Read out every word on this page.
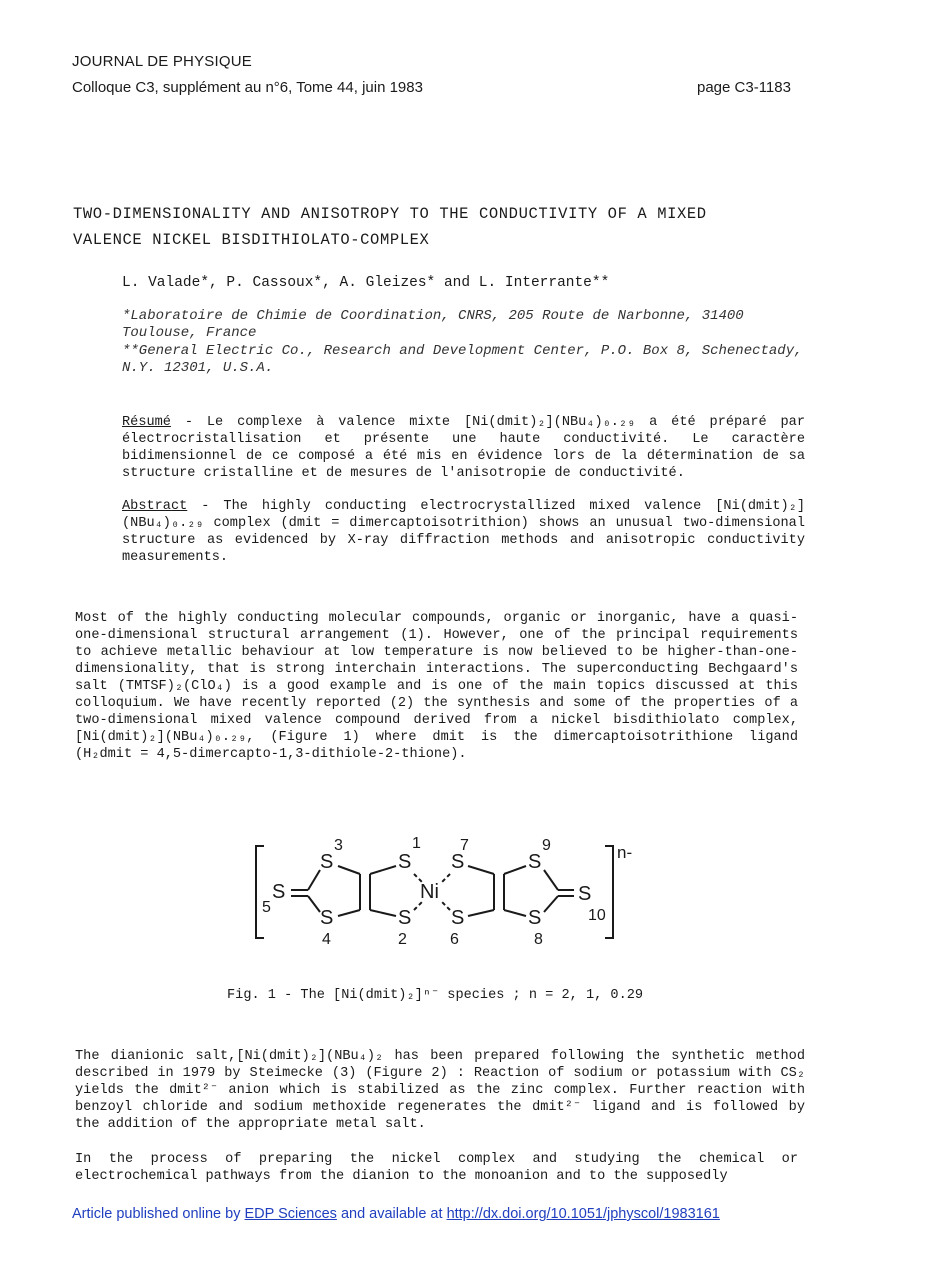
JOURNAL DE PHYSIQUE
Colloque C3, supplément au n°6, Tome 44, juin 1983	page C3-1183
TWO-DIMENSIONALITY AND ANISOTROPY TO THE CONDUCTIVITY OF A MIXED
VALENCE NICKEL BISDITHIOLATO-COMPLEX
L. Valade*, P. Cassoux*, A. Gleizes* and L. Interrante**
*Laboratoire de Chimie de Coordination, CNRS, 205 Route de Narbonne, 31400 Toulouse, France
**General Electric Co., Research and Development Center, P.O. Box 8, Schenectady, N.Y. 12301, U.S.A.
Résumé - Le complexe à valence mixte [Ni(dmit)₂](NBu₄)₀.₂₉ a été préparé par électrocristallisation et présente une haute conductivité. Le caractère bidimensionnel de ce composé a été mis en évidence lors de la détermination de sa structure cristalline et de mesures de l'anisotropie de conductivité.
Abstract - The highly conducting electrocrystallized mixed valence [Ni(dmit)₂](NBu₄)₀.₂₉ complex (dmit = dimercaptoisotrithion) shows an unusual two-dimensional structure as evidenced by X-ray diffraction methods and anisotropic conductivity measurements.
Most of the highly conducting molecular compounds, organic or inorganic, have a quasi-one-dimensional structural arrangement (1). However, one of the principal requirements to achieve metallic behaviour at low temperature is now believed to be higher-than-one-dimensionality, that is strong interchain interactions. The superconducting Bechgaard's salt (TMTSF)₂(ClO₄) is a good example and is one of the main topics discussed at this colloquium. We have recently reported (2) the synthesis and some of the properties of a two-dimensional mixed valence compound derived from a nickel bisdithiolato complex, [Ni(dmit)₂](NBu₄)₀.₂₉, (Figure 1) where dmit is the dimercaptoisotrithione ligand (H₂dmit = 4,5-dimercapto-1,3-dithiole-2-thione).
S
S
S
S
S
Ni
S
S
S
S
S
n-
3	1 7	9
5
4	2	6	8
10
Fig. 1 - The [Ni(dmit)₂]ⁿ⁻ species ; n = 2, 1, 0.29
The dianionic salt,[Ni(dmit)₂](NBu₄)₂ has been prepared following the synthetic method described in 1979 by Steimecke (3) (Figure 2) : Reaction of sodium or potassium with CS₂ yields the dmit²⁻ anion which is stabilized as the zinc complex. Further reaction with benzoyl chloride and sodium methoxide regenerates the dmit²⁻ ligand and is followed by the addition of the appropriate metal salt.
In the process of preparing the nickel complex and studying the chemical or electrochemical pathways from the dianion to the monoanion and to the supposedly
Article published online by EDP Sciences and available at http://dx.doi.org/10.1051/jphyscol/1983161
